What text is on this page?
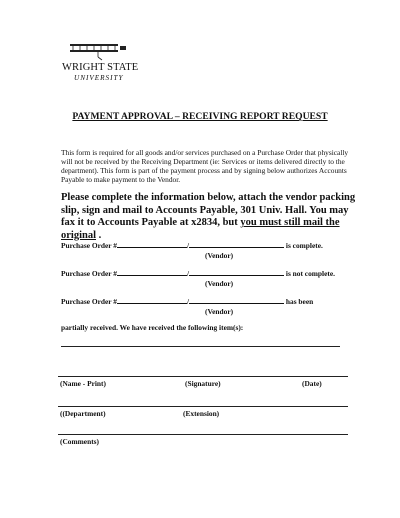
WRIGHT STATE
UNIVERSITY
PAYMENT APPROVAL – RECEIVING REPORT REQUEST
This form is required for all goods and/or services purchased on a Purchase Order that physically will not be received by the Receiving Department (ie: Services or items delivered directly to the department). This form is part of the payment process and by signing below authorizes Accounts Payable to make payment to the Vendor.
Please complete the information below, attach the vendor packing slip, sign and mail to Accounts Payable, 301 Univ. Hall. You may fax it to Accounts Payable at x2834, but you must still mail the original .
Purchase Order #	/	is complete.
(Vendor)
Purchase Order #	/	is not complete.
(Vendor)
Purchase Order #	/	has been
(Vendor)
partially received. We have received the following item(s):
(Name - Print)	(Signature)	(Date)
((Department)	(Extension)
(Comments)
